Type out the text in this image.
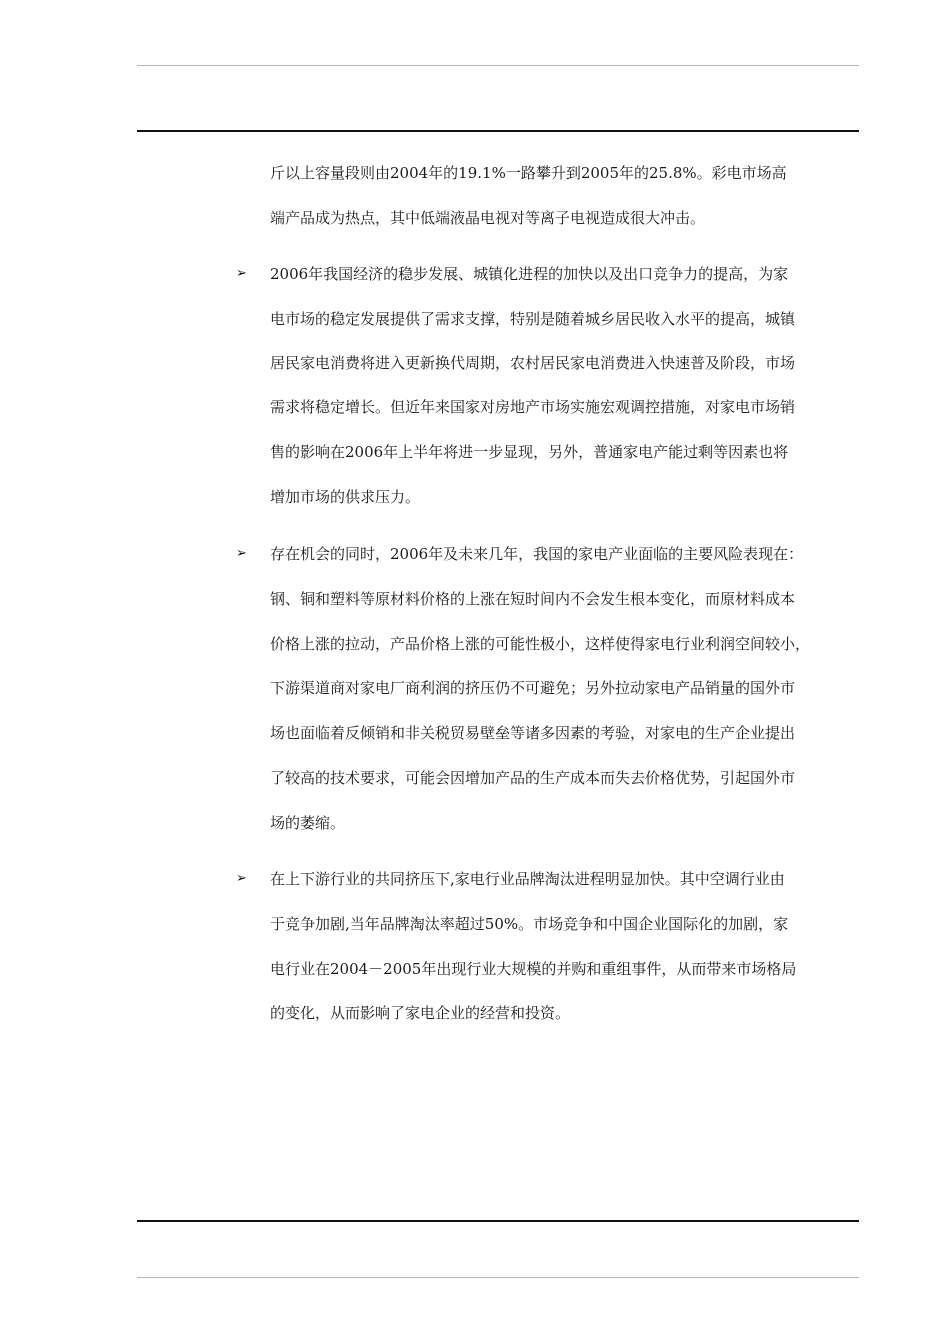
斤以上容量段则由2004年的19.1%一路攀升到2005年的25.8%。彩电市场高
端产品成为热点，其中低端液晶电视对等离子电视造成很大冲击。
➢ 2006年我国经济的稳步发展、城镇化进程的加快以及出口竞争力的提高，为家
电市场的稳定发展提供了需求支撑，特别是随着城乡居民收入水平的提高，城镇
居民家电消费将进入更新换代周期，农村居民家电消费进入快速普及阶段，市场
需求将稳定增长。但近年来国家对房地产市场实施宏观调控措施，对家电市场销
售的影响在2006年上半年将进一步显现，另外，普通家电产能过剩等因素也将
增加市场的供求压力。
➢ 存在机会的同时，2006年及未来几年，我国的家电产业面临的主要风险表现在：
钢、铜和塑料等原材料价格的上涨在短时间内不会发生根本变化，而原材料成本
价格上涨的拉动，产品价格上涨的可能性极小，这样使得家电行业利润空间较小，
下游渠道商对家电厂商利润的挤压仍不可避免；另外拉动家电产品销量的国外市
场也面临着反倾销和非关税贸易壁垒等诸多因素的考验，对家电的生产企业提出
了较高的技术要求，可能会因增加产品的生产成本而失去价格优势，引起国外市
场的萎缩。
➢ 在上下游行业的共同挤压下,家电行业品牌淘汰进程明显加快。其中空调行业由
于竞争加剧,当年品牌淘汰率超过50%。市场竞争和中国企业国际化的加剧，家
电行业在2004－2005年出现行业大规模的并购和重组事件，从而带来市场格局
的变化，从而影响了家电企业的经营和投资。
